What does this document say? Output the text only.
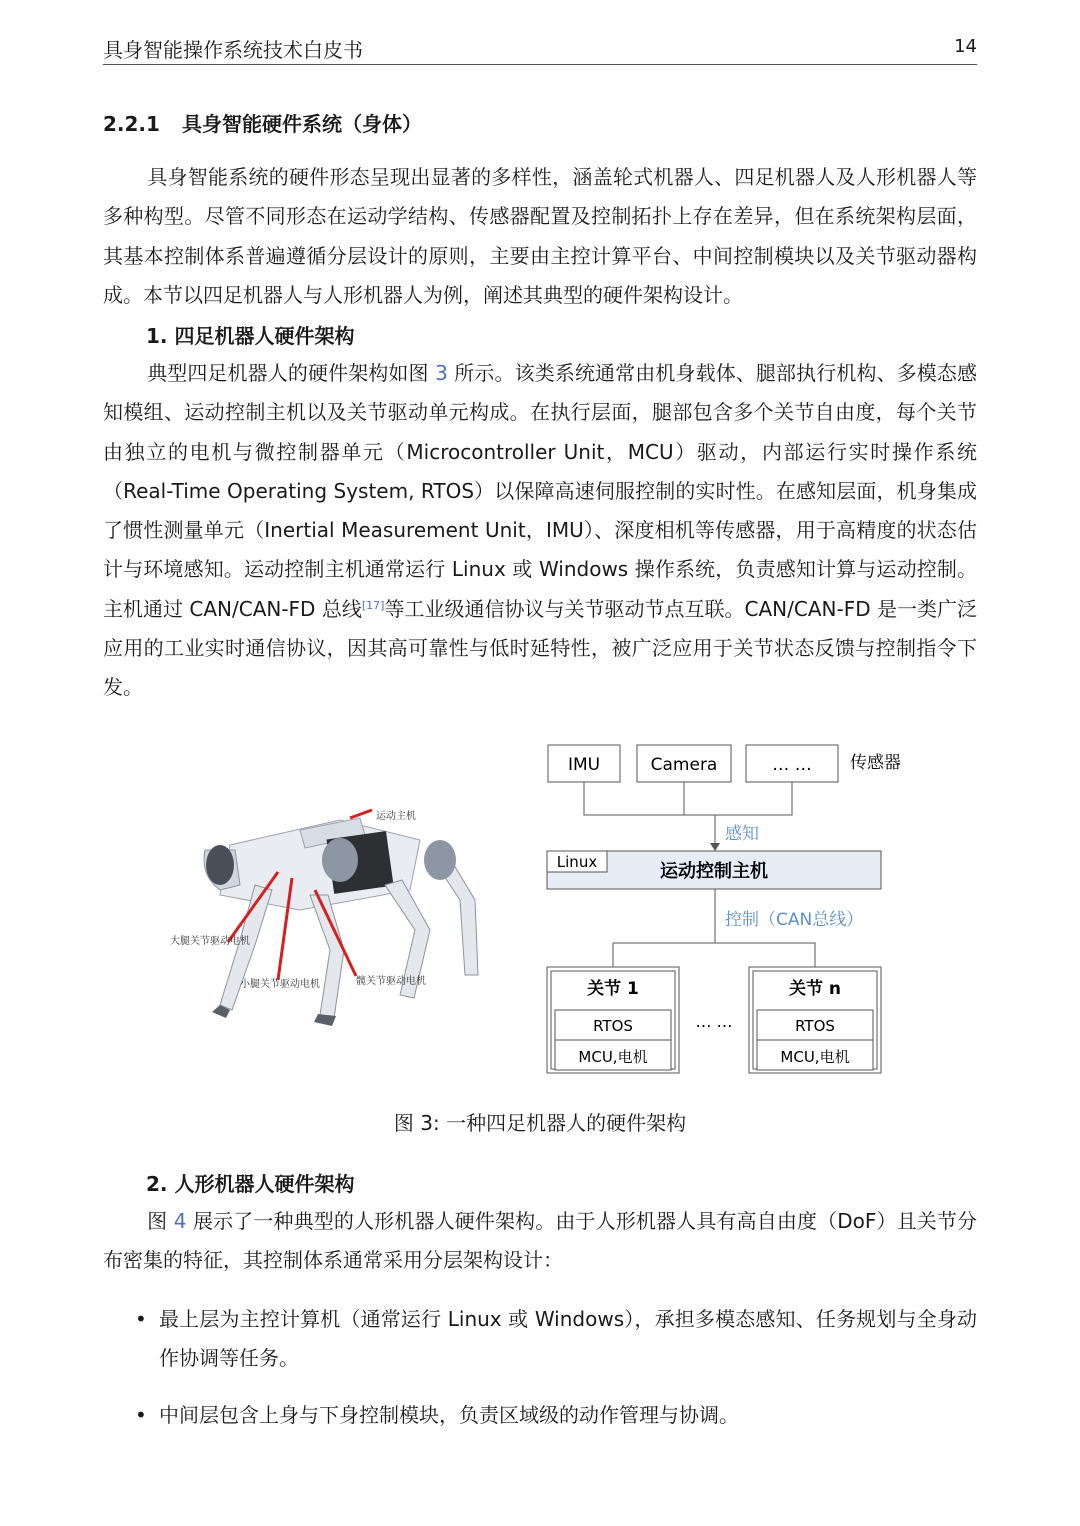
具身智能操作系统技术白皮书	14
2.2.1 具身智能硬件系统（身体）

具身智能系统的硬件形态呈现出显著的多样性，涵盖轮式机器人、四足机器人及人形机器人等多种构型。尽管不同形态在运动学结构、传感器配置及控制拓扑上存在差异，但在系统架构层面，其基本控制体系普遍遵循分层设计的原则，主要由主控计算平台、中间控制模块以及关节驱动器构成。本节以四足机器人与人形机器人为例，阐述其典型的硬件架构设计。

1. 四足机器人硬件架构

典型四足机器人的硬件架构如图 3 所示。该类系统通常由机身载体、腿部执行机构、多模态感知模组、运动控制主机以及关节驱动单元构成。在执行层面，腿部包含多个关节自由度，每个关节由独立的电机与微控制器单元（Microcontroller Unit，MCU）驱动，内部运行实时操作系统（Real-Time Operating System, RTOS）以保障高速伺服控制的实时性。在感知层面，机身集成了惯性测量单元（Inertial Measurement Unit，IMU）、深度相机等传感器，用于高精度的状态估计与环境感知。运动控制主机通常运行 Linux 或 Windows 操作系统，负责感知计算与运动控制。主机通过 CAN/CAN-FD 总线[17]等工业级通信协议与关节驱动节点互联。CAN/CAN-FD 是一类广泛应用的工业实时通信协议，因其高可靠性与低时延特性，被广泛应用于关节状态反馈与控制指令下发。

运动主机
大腿关节驱动电机
小腿关节驱动电机	髋关节驱动电机
IMU	Camera	… … 传感器
感知
Linux	运动控制主机
控制（CAN总线）
关节 1
RTOS
MCU,电机
… …
关节 n
RTOS
MCU,电机
图 3: 一种四足机器人的硬件架构
2. 人形机器人硬件架构

图 4 展示了一种典型的人形机器人硬件架构。由于人形机器人具有高自由度（DoF）且关节分布密集的特征，其控制体系通常采用分层架构设计：

• 最上层为主控计算机（通常运行 Linux 或 Windows），承担多模态感知、任务规划与全身动作协调等任务。
• 中间层包含上身与下身控制模块，负责区域级的动作管理与协调。
